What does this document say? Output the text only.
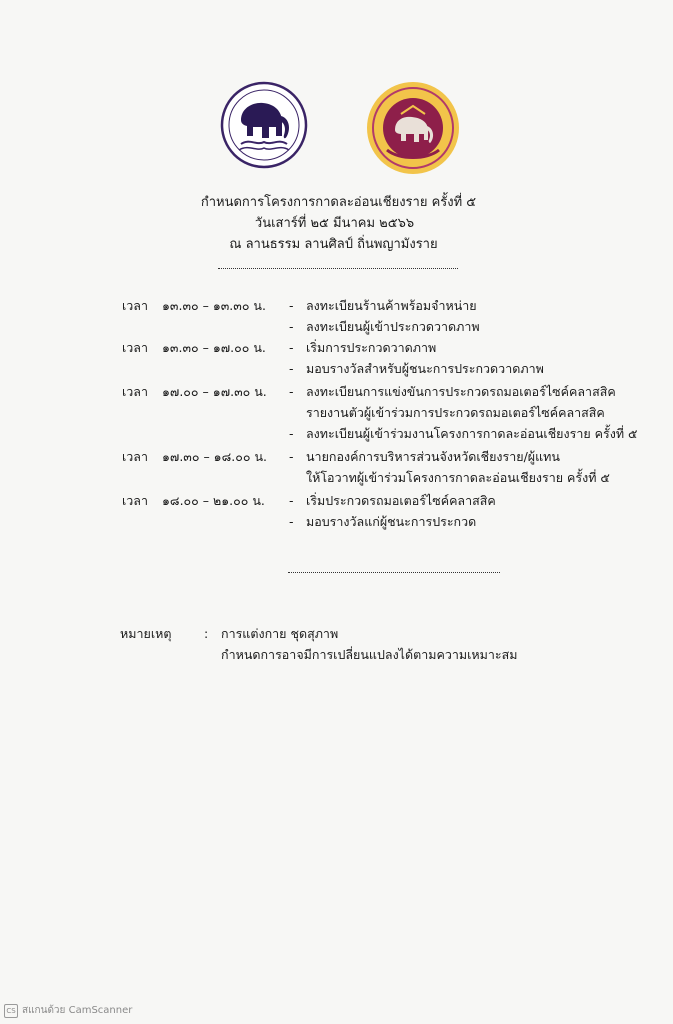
กำหนดการโครงการกาดละอ่อนเชียงราย ครั้งที่ ๕
วันเสาร์ที่ ๒๕ มีนาคม ๒๕๖๖
ณ ลานธรรม ลานศิลป์ ถิ่นพญามังราย
เวลา ๑๓.๓๐ – ๑๓.๓๐ น. - ลงทะเบียนร้านค้าพร้อมจำหน่าย
- ลงทะเบียนผู้เข้าประกวดวาดภาพ
เวลา ๑๓.๓๐ – ๑๗.๐๐ น. - เริ่มการประกวดวาดภาพ
- มอบรางวัลสำหรับผู้ชนะการประกวดวาดภาพ
เวลา ๑๗.๐๐ – ๑๗.๓๐ น. - ลงทะเบียนการแข่งขันการประกวดรถมอเตอร์ไซค์คลาสสิค
รายงานตัวผู้เข้าร่วมการประกวดรถมอเตอร์ไซค์คลาสสิค
- ลงทะเบียนผู้เข้าร่วมงานโครงการกาดละอ่อนเชียงราย ครั้งที่ ๕
เวลา ๑๗.๓๐ – ๑๘.๐๐ น. - นายกองค์การบริหารส่วนจังหวัดเชียงราย/ผู้แทน
ให้โอวาทผู้เข้าร่วมโครงการกาดละอ่อนเชียงราย ครั้งที่ ๕
เวลา ๑๘.๐๐ – ๒๑.๐๐ น. - เริ่มประกวดรถมอเตอร์ไซค์คลาสสิค
- มอบรางวัลแก่ผู้ชนะการประกวด
หมายเหตุ	: การแต่งกาย ชุดสุภาพ
กำหนดการอาจมีการเปลี่ยนแปลงได้ตามความเหมาะสม
CS สแกนด้วย CamScanner
